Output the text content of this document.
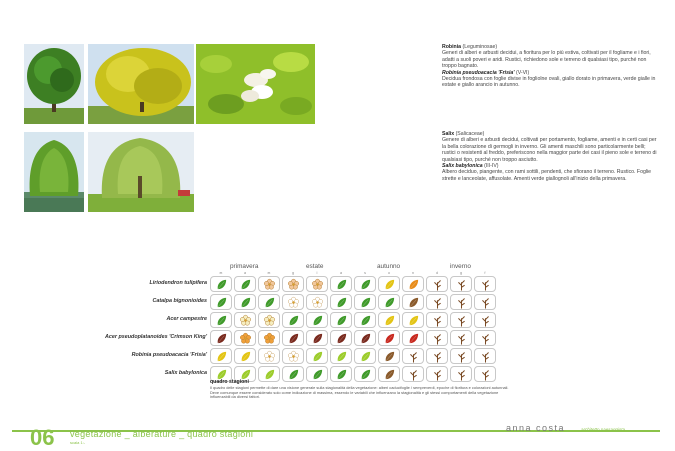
Robinia (Leguminosae)

Generi di alberi e arbusti decidui, a fioritura per lo più estiva, coltivati per il fogliame e i fiori, adatti a suoli poveri e aridi. Rustici, richiedono sole e terreno di qualsiasi tipo, purché non troppo bagnato.

Robinia pseudoacacia 'Frisia' (V-VI)

Decidua frondosa con foglie divise in fogliolne ovali, giallo dorato in primavera, verde gialle in estate e giallo arancio in autunno.

Salix (Salicaceae)

Genere di alberi e arbusti decidui, coltivati per portamento, fogliame, amenti e in certi casi per la bella colorazione di germogli in inverno. Gli amenti maschili sono particolarmente belli; rustici o resistenti al freddo, preferiscono nella maggior parte dei casi il pieno sole e terreno di qualsiasi tipo, purché non troppo asciutto.

Salix babylonica (III-IV)

Albero deciduo, piangente, con rami sottili, pendenti, che sfiorano il terreno. Rustico. Foglie strette e lanceolate, affusolate. Amenti verde giallognoli all'inizio della primavera.

primavera	estate	autunno	inverno
m	a	m	g	l	a	s	o	n	d	g	f
Liriodendron tulipifera
Catalpa bignonioides
Acer campestre
Acer pseudoplatanoides 'Crimson King'
Robinia pseudoacacia 'Frisia'
Salix babylonica
quadro stagioni
Il quadro delle stagioni permette di dare una visione generale sulla stagionalità della vegetazione: alberi caducifoglie / sempreverdi, epoche di fioritura e colorazioni autunnali.
Deve comunque essere considerato solo come indicazione di massima, essendo le variabili che influenzano la stagionalità e gli stessi comportamenti della vegetazione influenzabili da diversi fattori.
06 vegetazione _ alberature _ quadro stagioni
scala 1:-
anna costa	architetto paesaggista
